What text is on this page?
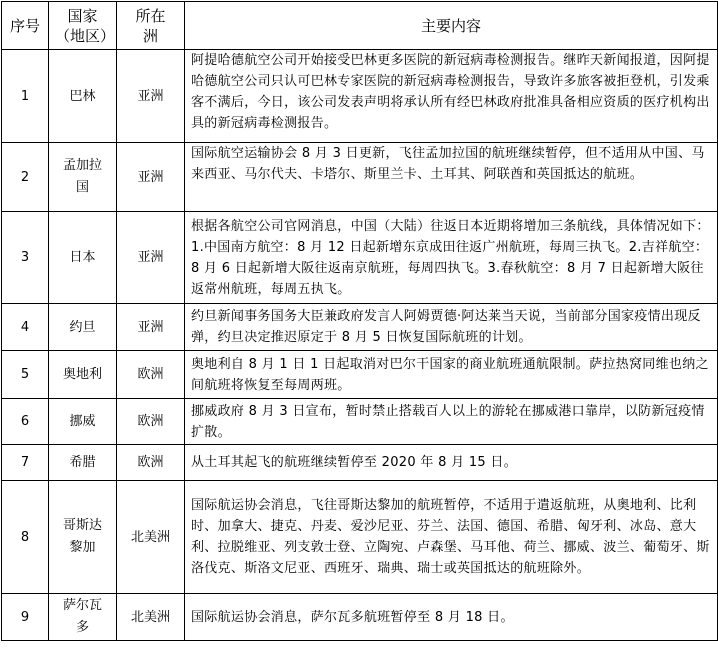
序号	国家（地区）	所在洲	主要内容
1	巴林	亚洲	阿提哈德航空公司开始接受巴林更多医院的新冠病毒检测报告。继昨天新闻报道，因阿提哈德航空公司只认可巴林专家医院的新冠病毒检测报告，导致许多旅客被拒登机，引发乘客不满后，今日，该公司发表声明将承认所有经巴林政府批准具备相应资质的医疗机构出具的新冠病毒检测报告。
2	孟加拉国	亚洲	国际航空运输协会 8 月 3 日更新，飞往孟加拉国的航班继续暂停，但不适用从中国、马来西亚、马尔代夫、卡塔尔、斯里兰卡、土耳其、阿联酋和英国抵达的航班。
3	日本	亚洲	根据各航空公司官网消息，中国（大陆）往返日本近期将增加三条航线，具体情况如下：1.中国南方航空：8 月 12 日起新增东京成田往返广州航班，每周三执飞。2.吉祥航空：8 月 6 日起新增大阪往返南京航班，每周四执飞。3.春秋航空：8 月 7 日起新增大阪往返常州航班，每周五执飞。
4	约旦	亚洲	约旦新闻事务国务大臣兼政府发言人阿姆贾德·阿达莱当天说，当前部分国家疫情出现反弹，约旦决定推迟原定于 8 月 5 日恢复国际航班的计划。
5	奥地利	欧洲	奥地利自 8 月 1 日 1 日起取消对巴尔干国家的商业航班通航限制。萨拉热窝同维也纳之间航班将恢复至每周两班。
6	挪威	欧洲	挪威政府 8 月 3 日宣布，暂时禁止搭载百人以上的游轮在挪威港口靠岸，以防新冠疫情扩散。
7	希腊	欧洲	从土耳其起飞的航班继续暂停至 2020 年 8 月 15 日。
8	哥斯达黎加	北美洲	国际航运协会消息，飞往哥斯达黎加的航班暂停，不适用于遣返航班，从奥地利、比利时、加拿大、捷克、丹麦、爱沙尼亚、芬兰、法国、德国、希腊、匈牙利、冰岛、意大利、拉脱维亚、列支敦士登、立陶宛、卢森堡、马耳他、荷兰、挪威、波兰、葡萄牙、斯洛伐克、斯洛文尼亚、西班牙、瑞典、瑞士或英国抵达的航班除外。
9	萨尔瓦多	北美洲	国际航运协会消息，萨尔瓦多航班暂停至 8 月 18 日。
